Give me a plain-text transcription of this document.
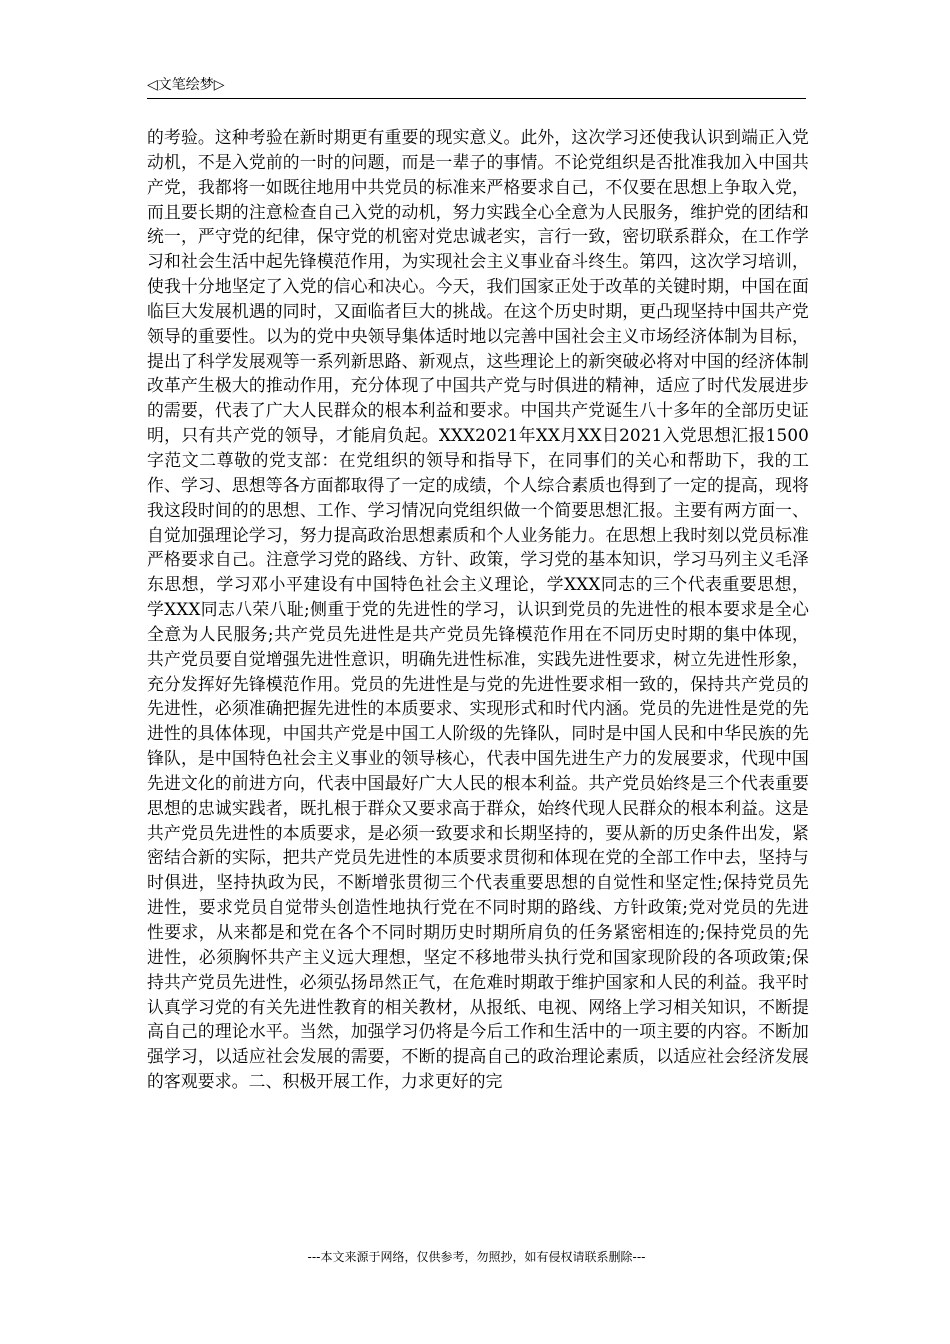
◁文笔绘梦▷

的考验。这种考验在新时期更有重要的现实意义。此外，这次学习还使我认识到端正入党动机，不是入党前的一时的问题，而是一辈子的事情。不论党组织是否批准我加入中国共产党，我都将一如既往地用中共党员的标准来严格要求自己，不仅要在思想上争取入党，而且要长期的注意检查自己入党的动机，努力实践全心全意为人民服务，维护党的团结和统一，严守党的纪律，保守党的机密对党忠诚老实，言行一致，密切联系群众，在工作学习和社会生活中起先锋模范作用，为实现社会主义事业奋斗终生。第四，这次学习培训，使我十分地坚定了入党的信心和决心。今天，我们国家正处于改革的关键时期，中国在面临巨大发展机遇的同时，又面临者巨大的挑战。在这个历史时期，更凸现坚持中国共产党领导的重要性。以为的党中央领导集体适时地以完善中国社会主义市场经济体制为目标，提出了科学发展观等一系列新思路、新观点，这些理论上的新突破必将对中国的经济体制改革产生极大的推动作用，充分体现了中国共产党与时俱进的精神，适应了时代发展进步的需要，代表了广大人民群众的根本利益和要求。中国共产党诞生八十多年的全部历史证明，只有共产党的领导，才能肩负起。XXX2021年XX月XX日2021入党思想汇报1500字范文二尊敬的党支部：在党组织的领导和指导下，在同事们的关心和帮助下，我的工作、学习、思想等各方面都取得了一定的成绩，个人综合素质也得到了一定的提高，现将我这段时间的的思想、工作、学习情况向党组织做一个简要思想汇报。主要有两方面一、自觉加强理论学习，努力提高政治思想素质和个人业务能力。在思想上我时刻以党员标准严格要求自己。注意学习党的路线、方针、政策，学习党的基本知识，学习马列主义毛泽东思想，学习邓小平建设有中国特色社会主义理论，学XXX同志的三个代表重要思想，学XXX同志八荣八耻;侧重于党的先进性的学习，认识到党员的先进性的根本要求是全心全意为人民服务;共产党员先进性是共产党员先锋模范作用在不同历史时期的集中体现，共产党员要自觉增强先进性意识，明确先进性标准，实践先进性要求，树立先进性形象，充分发挥好先锋模范作用。党员的先进性是与党的先进性要求相一致的，保持共产党员的先进性，必须准确把握先进性的本质要求、实现形式和时代内涵。党员的先进性是党的先进性的具体体现，中国共产党是中国工人阶级的先锋队，同时是中国人民和中华民族的先锋队，是中国特色社会主义事业的领导核心，代表中国先进生产力的发展要求，代现中国先进文化的前进方向，代表中国最好广大人民的根本利益。共产党员始终是三个代表重要思想的忠诚实践者，既扎根于群众又要求高于群众，始终代现人民群众的根本利益。这是共产党员先进性的本质要求，是必须一致要求和长期坚持的，要从新的历史条件出发，紧密结合新的实际，把共产党员先进性的本质要求贯彻和体现在党的全部工作中去，坚持与时俱进，坚持执政为民，不断增张贯彻三个代表重要思想的自觉性和坚定性;保持党员先进性，要求党员自觉带头创造性地执行党在不同时期的路线、方针政策;党对党员的先进性要求，从来都是和党在各个不同时期历史时期所肩负的任务紧密相连的;保持党员的先进性，必须胸怀共产主义远大理想，坚定不移地带头执行党和国家现阶段的各项政策;保持共产党员先进性，必须弘扬昂然正气，在危难时期敢于维护国家和人民的利益。我平时认真学习党的有关先进性教育的相关教材，从报纸、电视、网络上学习相关知识，不断提高自己的理论水平。当然，加强学习仍将是今后工作和生活中的一项主要的内容。不断加强学习，以适应社会发展的需要，不断的提高自己的政治理论素质，以适应社会经济发展的客观要求。二、积极开展工作，力求更好的完

---本文来源于网络，仅供参考，勿照抄，如有侵权请联系删除---
